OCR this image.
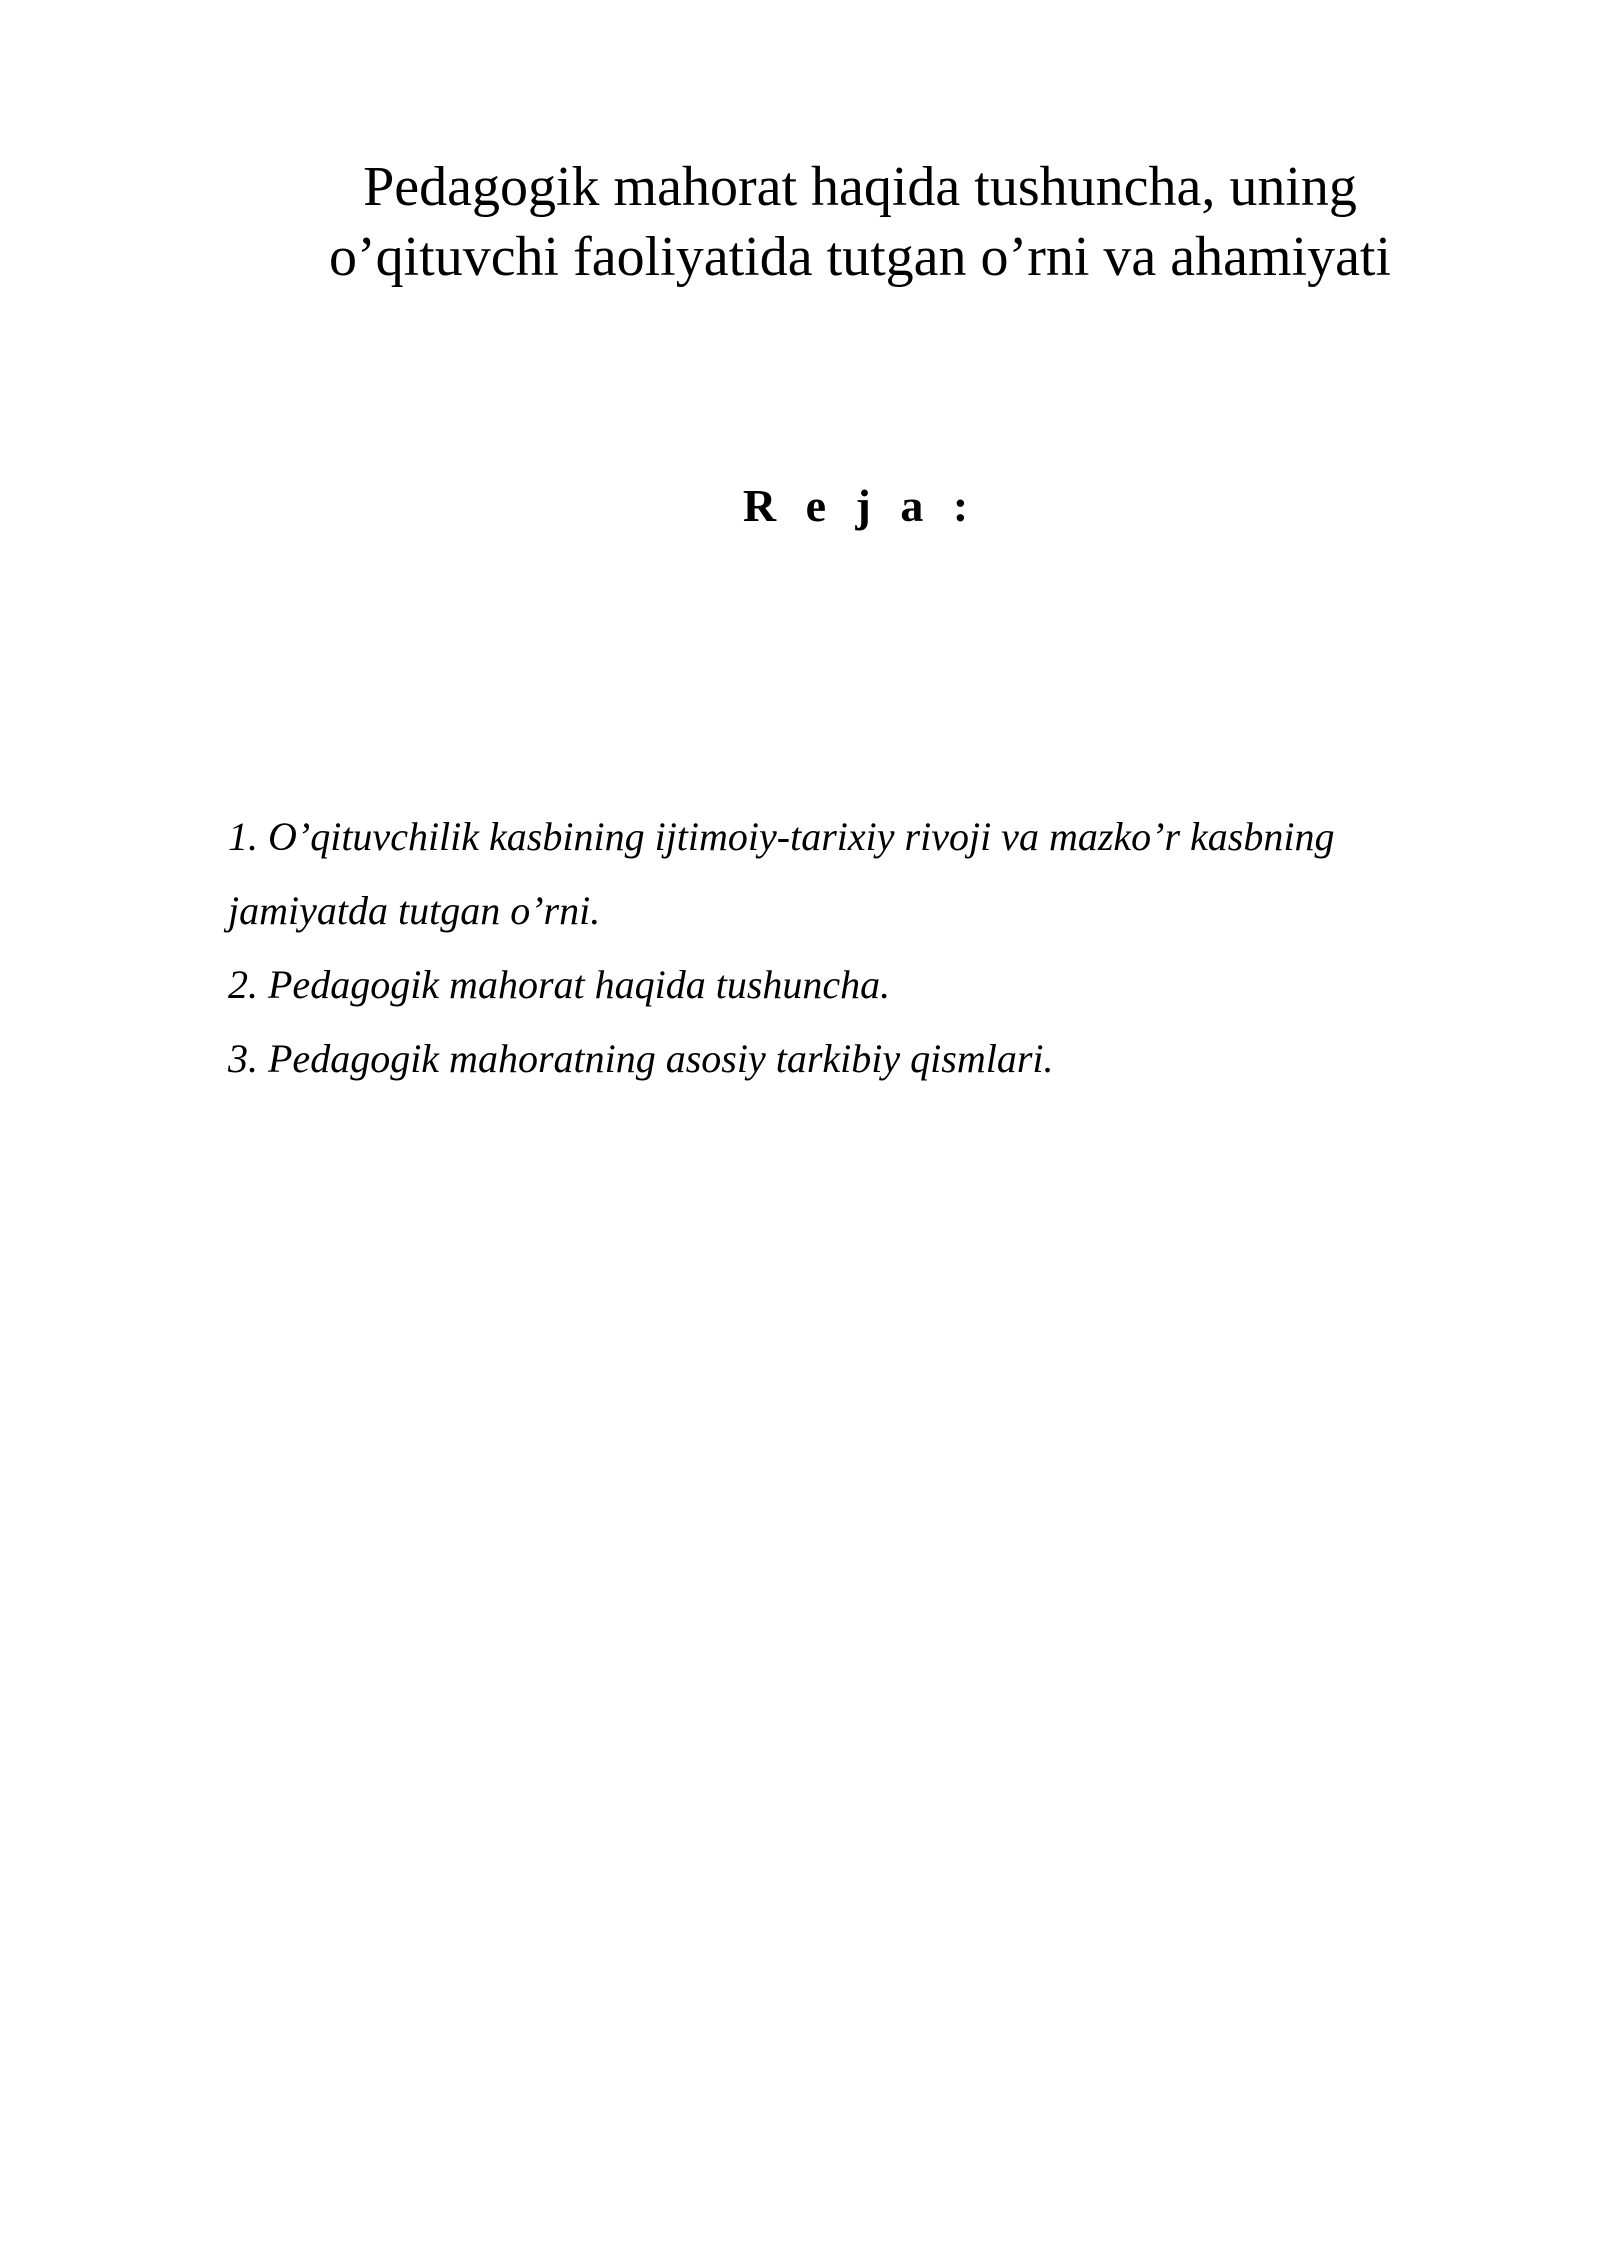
Pedagogik mahorat haqida tushuncha, uning
o’qituvchi faoliyatida tutgan o’rni va ahamiyati
R e j a :
1. O’qituvchilik kasbining ijtimoiy-tarixiy rivoji va mazko’r kasbning
jamiyatda tutgan o’rni.
2. Pedagogik mahorat haqida tushuncha.
3. Pedagogik mahoratning asosiy tarkibiy qismlari.
